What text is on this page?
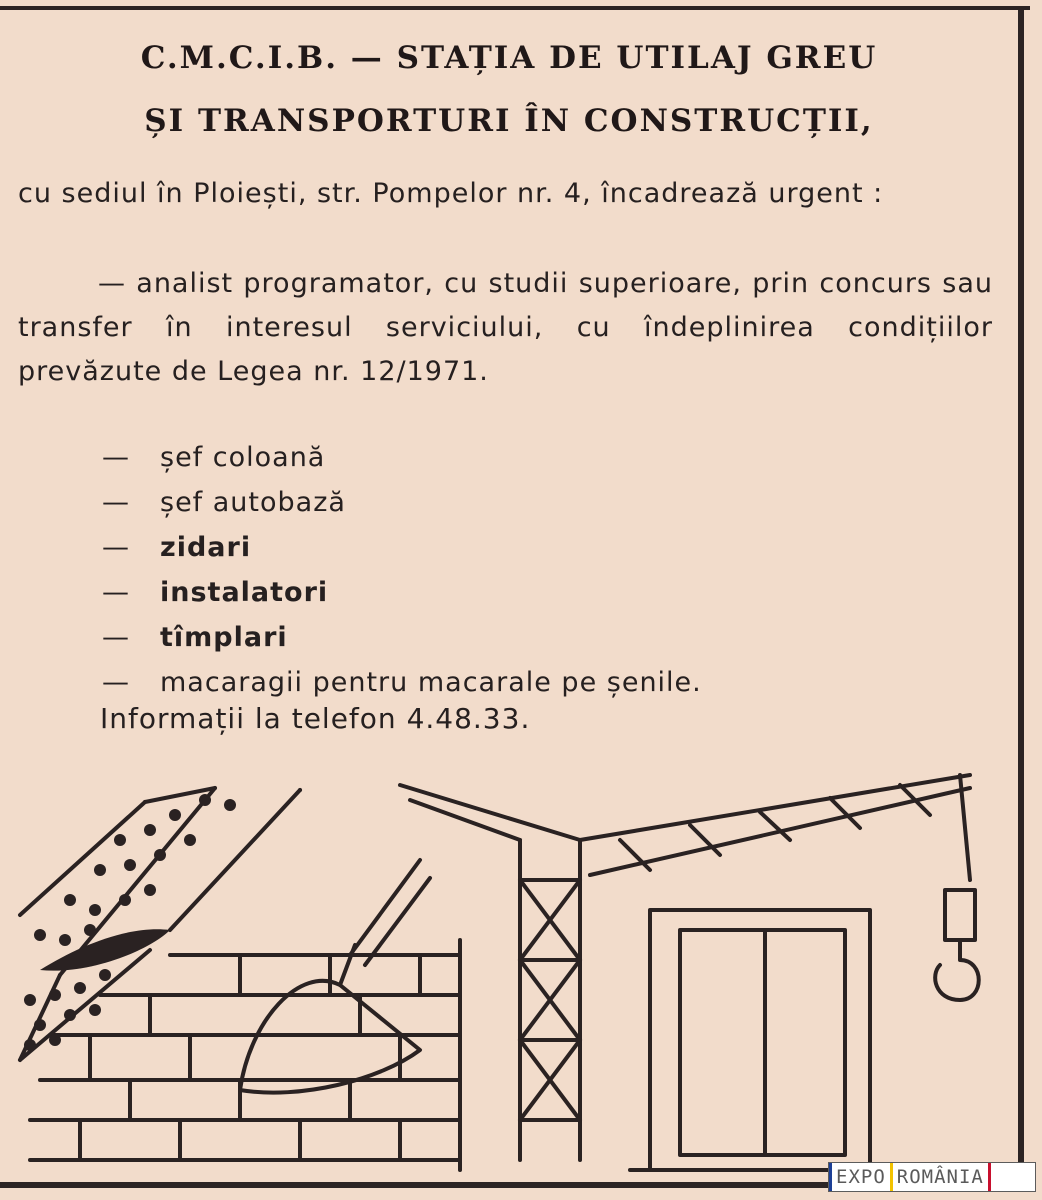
C.M.C.I.B. — STAȚIA DE UTILAJ GREU
ȘI TRANSPORTURI ÎN CONSTRUCȚII,
cu sediul în Ploiești, str. Pompelor nr. 4, încadrează urgent :
— analist programator, cu studii superioare, prin concurs sau transfer în interesul serviciului, cu îndeplinirea condițiilor prevăzute de Legea nr. 12/1971.
— șef coloană
— șef autobază
— zidari
— instalatori
— tîmplari
— macaragii pentru macarale pe șenile.
Informații la telefon 4.48.33.
EXPO ROMÂNIA
